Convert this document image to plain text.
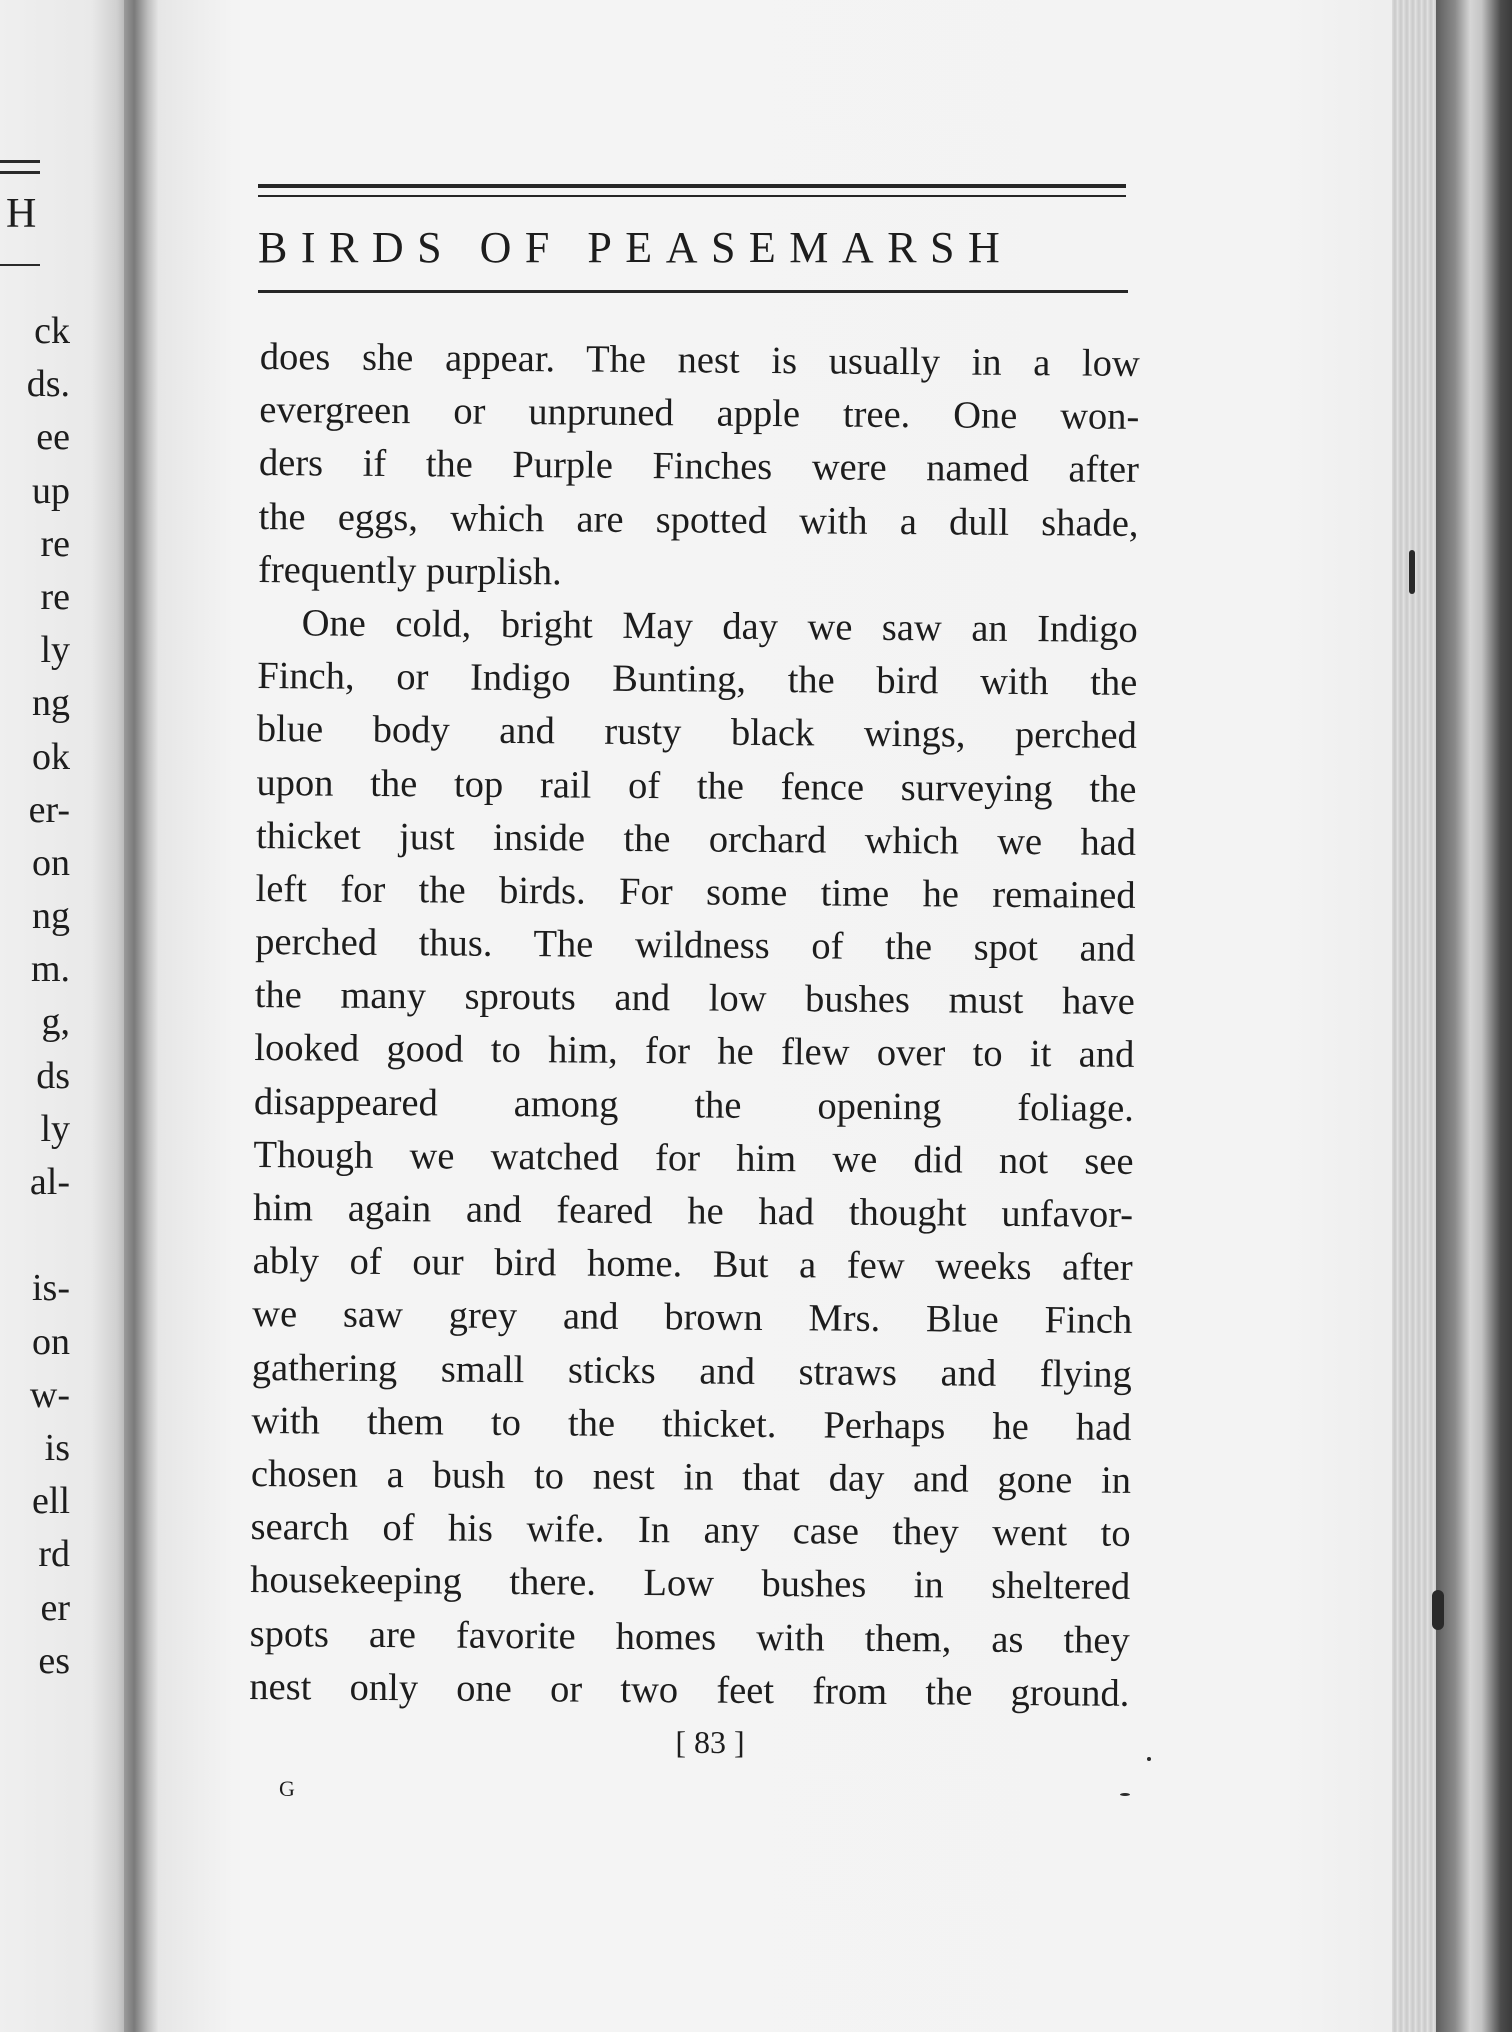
H
ck
ds.
ee
up
re
re
ly
ng
ok
er-
on
ng
m.
g,
ds
ly
al-
is-
on
w-
is
ell
rd
er
es
BIRDS OF PEASEMARSH
does she appear. The nest is usually in a low
evergreen or unpruned apple tree. One won-
ders if the Purple Finches were named after
the eggs, which are spotted with a dull shade,
frequently purplish.
One cold, bright May day we saw an Indigo
Finch, or Indigo Bunting, the bird with the
blue body and rusty black wings, perched
upon the top rail of the fence surveying the
thicket just inside the orchard which we had
left for the birds. For some time he remained
perched thus. The wildness of the spot and
the many sprouts and low bushes must have
looked good to him, for he flew over to it and
disappeared among the opening foliage.
Though we watched for him we did not see
him again and feared he had thought unfavor-
ably of our bird home. But a few weeks after
we saw grey and brown Mrs. Blue Finch
gathering small sticks and straws and flying
with them to the thicket. Perhaps he had
chosen a bush to nest in that day and gone in
search of his wife. In any case they went to
housekeeping there. Low bushes in sheltered
spots are favorite homes with them, as they
nest only one or two feet from the ground.
[ 83 ]
G
